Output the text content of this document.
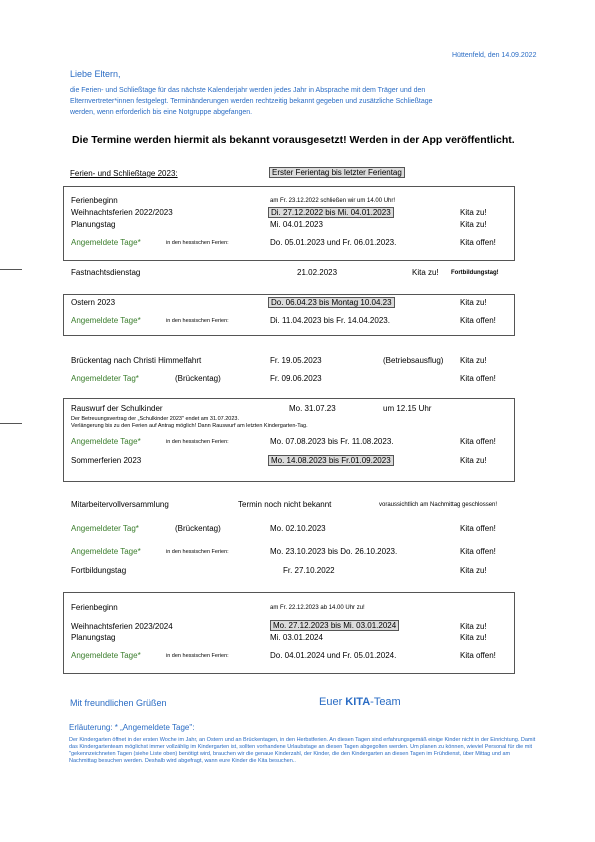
Hüttenfeld, den 14.09.2022
Liebe Eltern,
die Ferien- und Schließtage für das nächste Kalenderjahr werden jedes Jahr in Absprache mit dem Träger und den
Elternvertreter*innen festgelegt. Terminänderungen werden rechtzeitig bekannt gegeben und zusätzliche Schließtage
werden, wenn erforderlich bis eine Notgruppe abgefangen.
Die Termine werden hiermit als bekannt vorausgesetzt! Werden in der App veröffentlicht.
Ferien- und Schließtage 2023:	Erster Ferientag bis letzter Ferientag
Ferienbeginn	am Fr. 23.12.2022 schließen wir um 14.00 Uhr!
Weihnachtsferien 2022/2023	Di. 27.12.2022 bis Mi. 04.01.2023	Kita zu!
Planungstag	Mi. 04.01.2023	Kita zu!
Angemeldete Tage*	in den hessischen Ferien:	Do. 05.01.2023 und Fr. 06.01.2023.	Kita offen!
Fastnachtsdienstag	21.02.2023	Kita zu! Fortbildungstag!
Ostern 2023	Do. 06.04.23 bis Montag 10.04.23	Kita zu!
Angemeldete Tage*	in den hessischen Ferien:	Di. 11.04.2023 bis Fr. 14.04.2023.	Kita offen!
Brückentag nach Christi Himmelfahrt	Fr. 19.05.2023	(Betriebsausflug) Kita zu!
Angemeldeter Tag*	(Brückentag)	Fr. 09.06.2023	Kita offen!
Rauswurf der Schulkinder	Mo. 31.07.23	um 12.15 Uhr
Der Betreuungsvertrag der „Schulkinder 2023" endet am 31.07.2023.
Verlängerung bis zu den Ferien auf Antrag möglich! Dann Rauswurf am letzten Kindergarten-Tag.
Angemeldete Tage*	in den hessischen Ferien:	Mo. 07.08.2023 bis Fr. 11.08.2023.	Kita offen!
Sommerferien 2023	Mo. 14.08.2023 bis Fr.01.09.2023	Kita zu!
Mitarbeitervollversammlung	Termin noch nicht bekannt	voraussichtlich am Nachmittag geschlossen!
Angemeldeter Tag*	(Brückentag)	Mo. 02.10.2023	Kita offen!
Angemeldete Tage*	in den hessischen Ferien:	Mo. 23.10.2023 bis Do. 26.10.2023.	Kita offen!
Fortbildungstag	Fr. 27.10.2022	Kita zu!
Ferienbeginn	am Fr. 22.12.2023 ab 14.00 Uhr zu!
Weihnachtsferien 2023/2024	Mo. 27.12.2023 bis Mi. 03.01.2024	Kita zu!
Planungstag	Mi. 03.01.2024	Kita zu!
Angemeldete Tage*	in den hessischen Ferien:	Do. 04.01.2024 und Fr. 05.01.2024.	Kita offen!
Mit freundlichen Grüßen	Euer KITA-Team
Erläuterung: * „Angemeldete Tage":
Der Kindergarten öffnet in der ersten Woche im Jahr, an Ostern und an Brückentagen, in den Herbstferien. An diesen Tagen sind erfahrungsgemäß einige Kinder nicht in der Einrichtung. Damit das Kindergartenteam möglichst immer vollzählig im Kindergarten ist, sollten vorhandene Urlaubstage an diesen Tagen abgegolten werden. Um planen zu können, wieviel Personal für die mit "gekennzeichneten Tagen (siehe Liste oben) benötigt wird, brauchen wir die genaue Kinderzahl, der Kinder, die den Kindergarten an diesen Tagen im Frühdienst, über Mittag und am Nachmittag besuchen werden. Deshalb wird abgefragt, wann eure Kinder die Kita besuchen..
